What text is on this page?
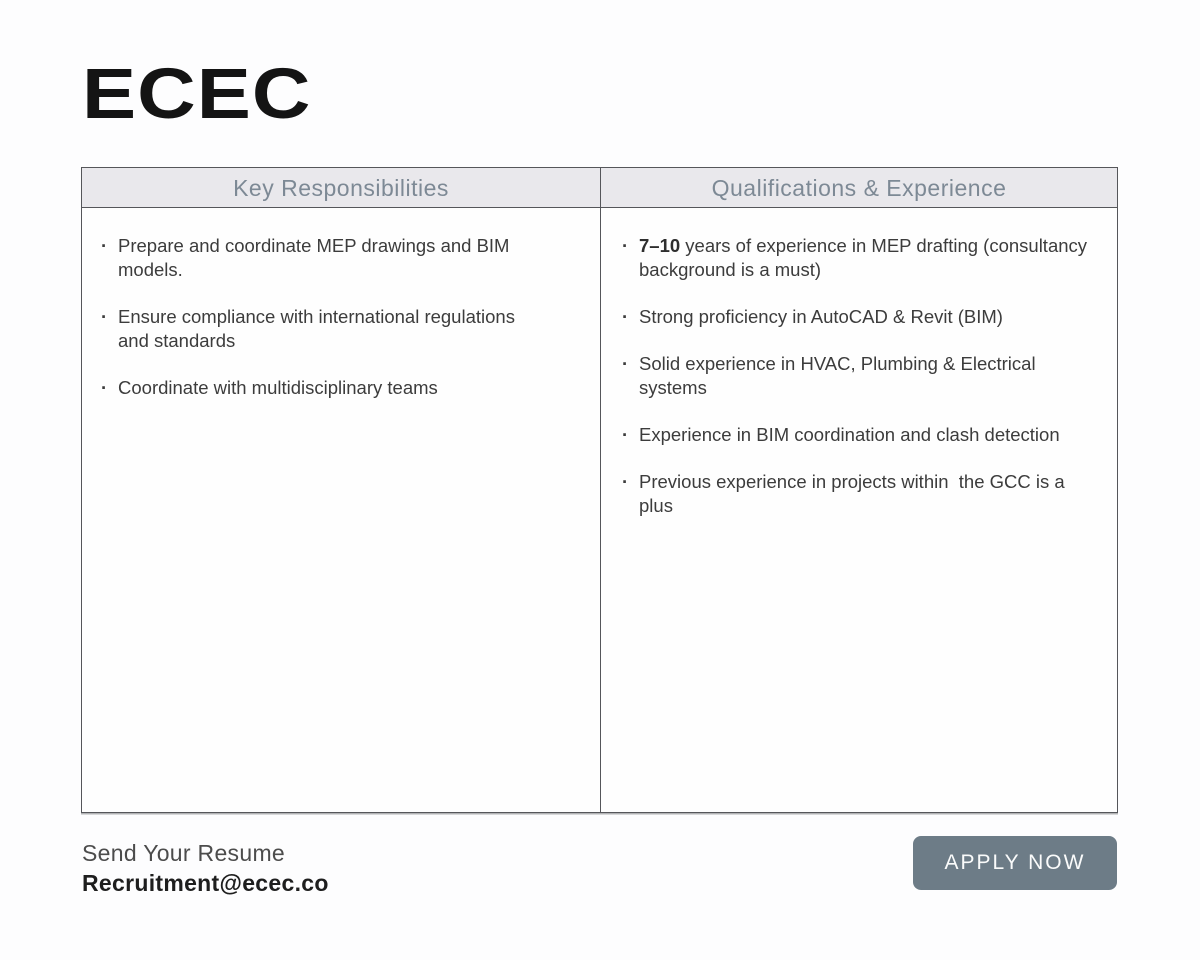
ECEC
Key Responsibilities	Qualifications & Experience
· Prepare and coordinate MEP drawings and BIM models.
· Ensure compliance with international regulations and standards
· Coordinate with multidisciplinary teams
· 7–10 years of experience in MEP drafting (consultancy background is a must)
· Strong proficiency in AutoCAD & Revit (BIM)
· Solid experience in HVAC, Plumbing & Electrical systems
· Experience in BIM coordination and clash detection
· Previous experience in projects within  the GCC is a plus
Send Your Resume
Recruitment@ecec.co
APPLY NOW
